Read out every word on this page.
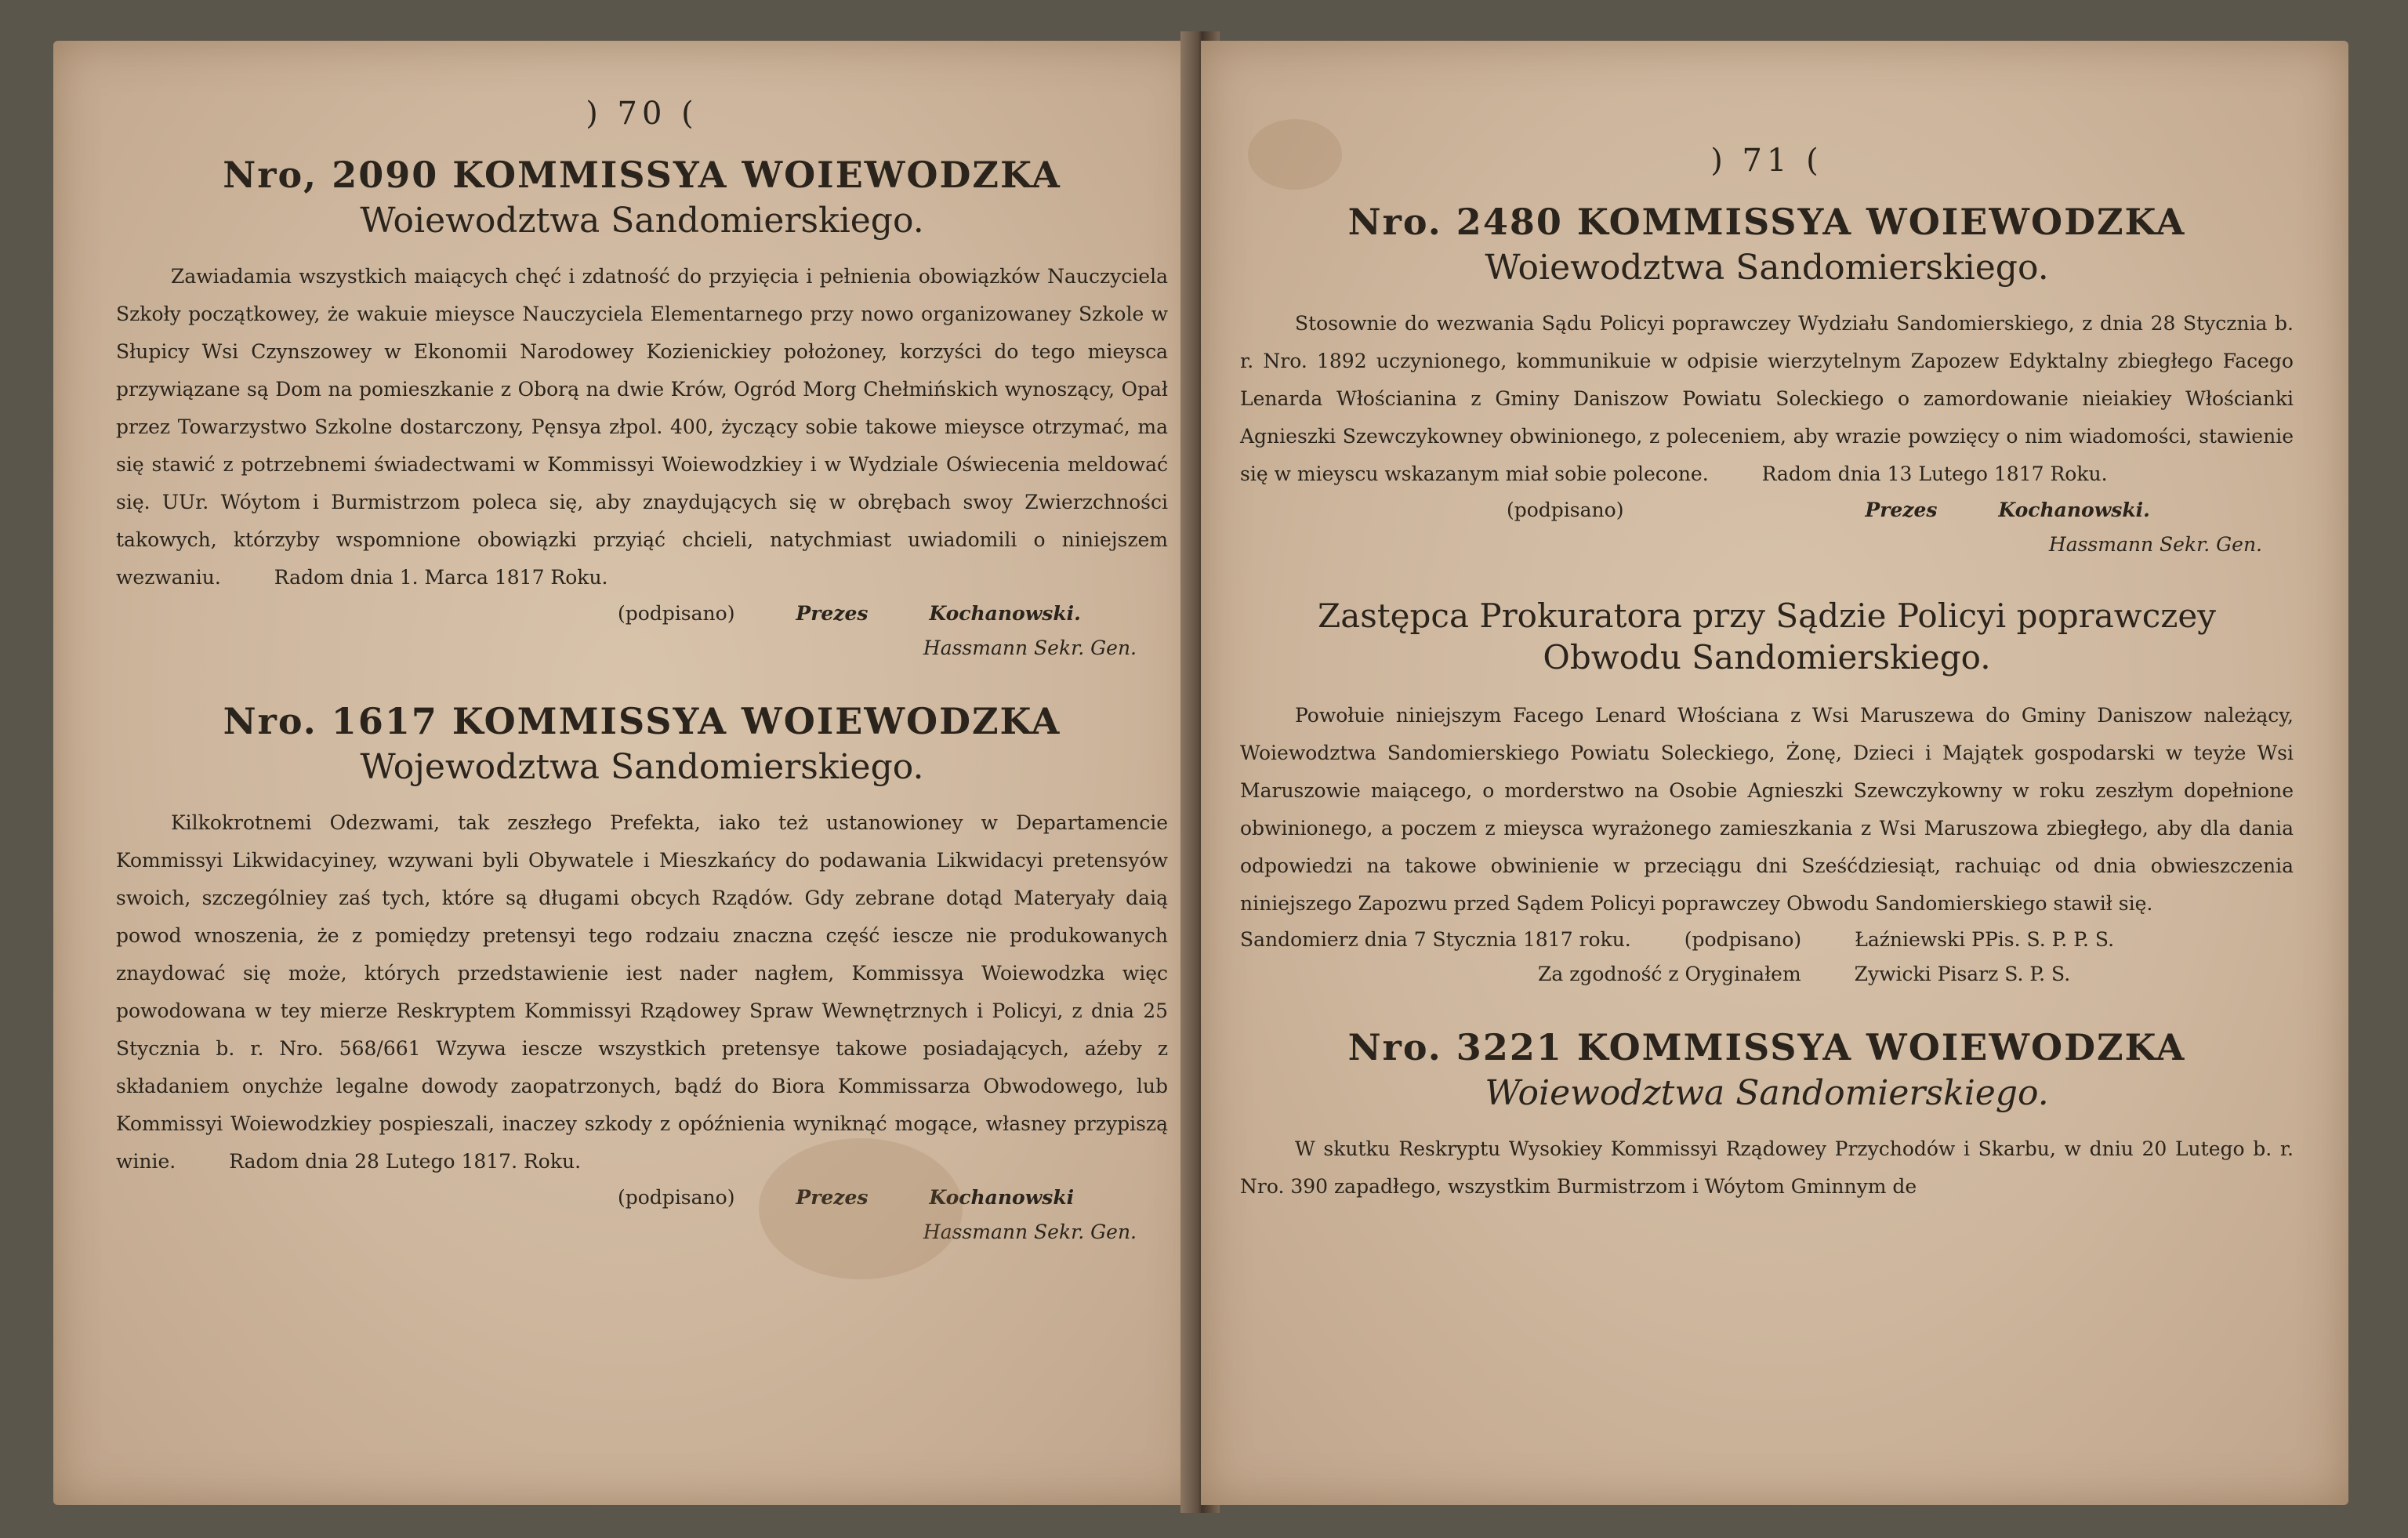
) 70 (

Nro, 2090 KOMMISSYA WOIEWODZKA

Woiewodztwa Sandomierskiego.

Zawiadamia wszystkich maiących chęć i zdatność do przyięcia i pełnienia obowiązków Nauczyciela Szkoły początkowey, że wakuie mieysce Nauczyciela Elementarnego przy nowo organizowaney Szkole w Słupicy Wsi Czynszowey w Ekonomii Narodowey Kozienickiey położoney, korzyści do tego mieysca przywiązane są Dom na pomieszkanie z Oborą na dwie Krów, Ogród Morg Chełmińskich wynoszący, Opał przez Towarzystwo Szkolne dostarczony, Pęnsya złpol. 400, życzący sobie takowe mieysce otrzymać, ma się stawić z potrzebnemi świadectwami w Kommissyi Woiewodzkiey i w Wydziale Oświecenia meldować się. UUr. Wóytom i Burmistrzom poleca się, aby znaydujących się w obrębach swoy Zwierzchności takowych, którzyby wspomnione obowiązki przyiąć chcieli, natychmiast uwiadomili o niniejszem wezwaniu.	Radom dnia 1. Marca 1817 Roku.

(podpisano)	Prezes	Kochanowski.

Hassmann Sekr. Gen.

Nro. 1617 KOMMISSYA WOIEWODZKA

Wojewodztwa Sandomierskiego.

Kilkokrotnemi Odezwami, tak zeszłego Prefekta, iako też ustanowioney w Departamencie Kommissyi Likwidacyiney, wzywani byli Obywatele i Mieszkańcy do podawania Likwidacyi pretensyów swoich, szczególniey zaś tych, które są długami obcych Rządów. Gdy zebrane dotąd Materyały daią powod wnoszenia, że z pomiędzy pretensyi tego rodzaiu znaczna część iescze nie produkowanych znaydować się może, których przedstawienie iest nader nagłem, Kommissya Woiewodzka więc powodowana w tey mierze Reskryptem Kommissyi Rządowey Spraw Wewnętrznych i Policyi, z dnia 25 Stycznia b. r. Nro. 568/661 Wzywa iescze wszystkich pretensye takowe posiadających, aźeby z składaniem onychże legalne dowody zaopatrzonych, bądź do Biora Kommissarza Obwodowego, lub Kommissyi Woiewodzkiey pospieszali, inaczey szkody z opóźnienia wyniknąć mogące, własney przypiszą winie.	Radom dnia 28 Lutego 1817. Roku.

(podpisano)	Prezes	Kochanowski

Hassmann Sekr. Gen.

) 71 (

Nro. 2480 KOMMISSYA WOIEWODZKA

Woiewodztwa Sandomierskiego.

Stosownie do wezwania Sądu Policyi poprawczey Wydziału Sandomierskiego, z dnia 28 Stycznia b. r. Nro. 1892 uczynionego, kommunikuie w odpisie wierzytelnym Zapozew Edyktalny zbiegłego Facego Lenarda Włościanina z Gminy Daniszow Powiatu Soleckiego o zamordowanie nieiakiey Włościanki Agnieszki Szewczykowney obwinionego, z poleceniem, aby wrazie powzięcy o nim wiadomości, stawienie się w mieyscu wskazanym miał sobie polecone.	Radom dnia 13 Lutego 1817 Roku.

(podpisano)	Prezes	Kochanowski.

Hassmann Sekr. Gen.

Zastępca Prokuratora przy Sądzie Policyi poprawczey

Obwodu Sandomierskiego.

Powołuie niniejszym Facego Lenard Włościana z Wsi Maruszewa do Gminy Daniszow należący, Woiewodztwa Sandomierskiego Powiatu Soleckiego, Żonę, Dzieci i Majątek gospodarski w teyże Wsi Maruszowie maiącego, o morderstwo na Osobie Agnieszki Szewczykowny w roku zeszłym dopełnione obwinionego, a poczem z mieysca wyrażonego zamieszkania z Wsi Maruszowa zbiegłego, aby dla dania odpowiedzi na takowe obwinienie w przeciągu dni Sześćdziesiąt, rachuiąc od dnia obwieszczenia niniejszego Zapozwu przed Sądem Policyi poprawczey Obwodu Sandomierskiego stawił się.

Sandomierz dnia 7 Stycznia 1817 roku.	(podpisano)	Łaźniewski PPis. S. P. P. S.

Za zgodność z Oryginałem	Zywicki Pisarz S. P. S.

Nro. 3221 KOMMISSYA WOIEWODZKA

Woiewodztwa Sandomierskiego.

W skutku Reskryptu Wysokiey Kommissyi Rządowey Przychodów i Skarbu, w dniu 20 Lutego b. r. Nro. 390 zapadłego, wszystkim Burmistrzom i Wóytom Gminnym de
